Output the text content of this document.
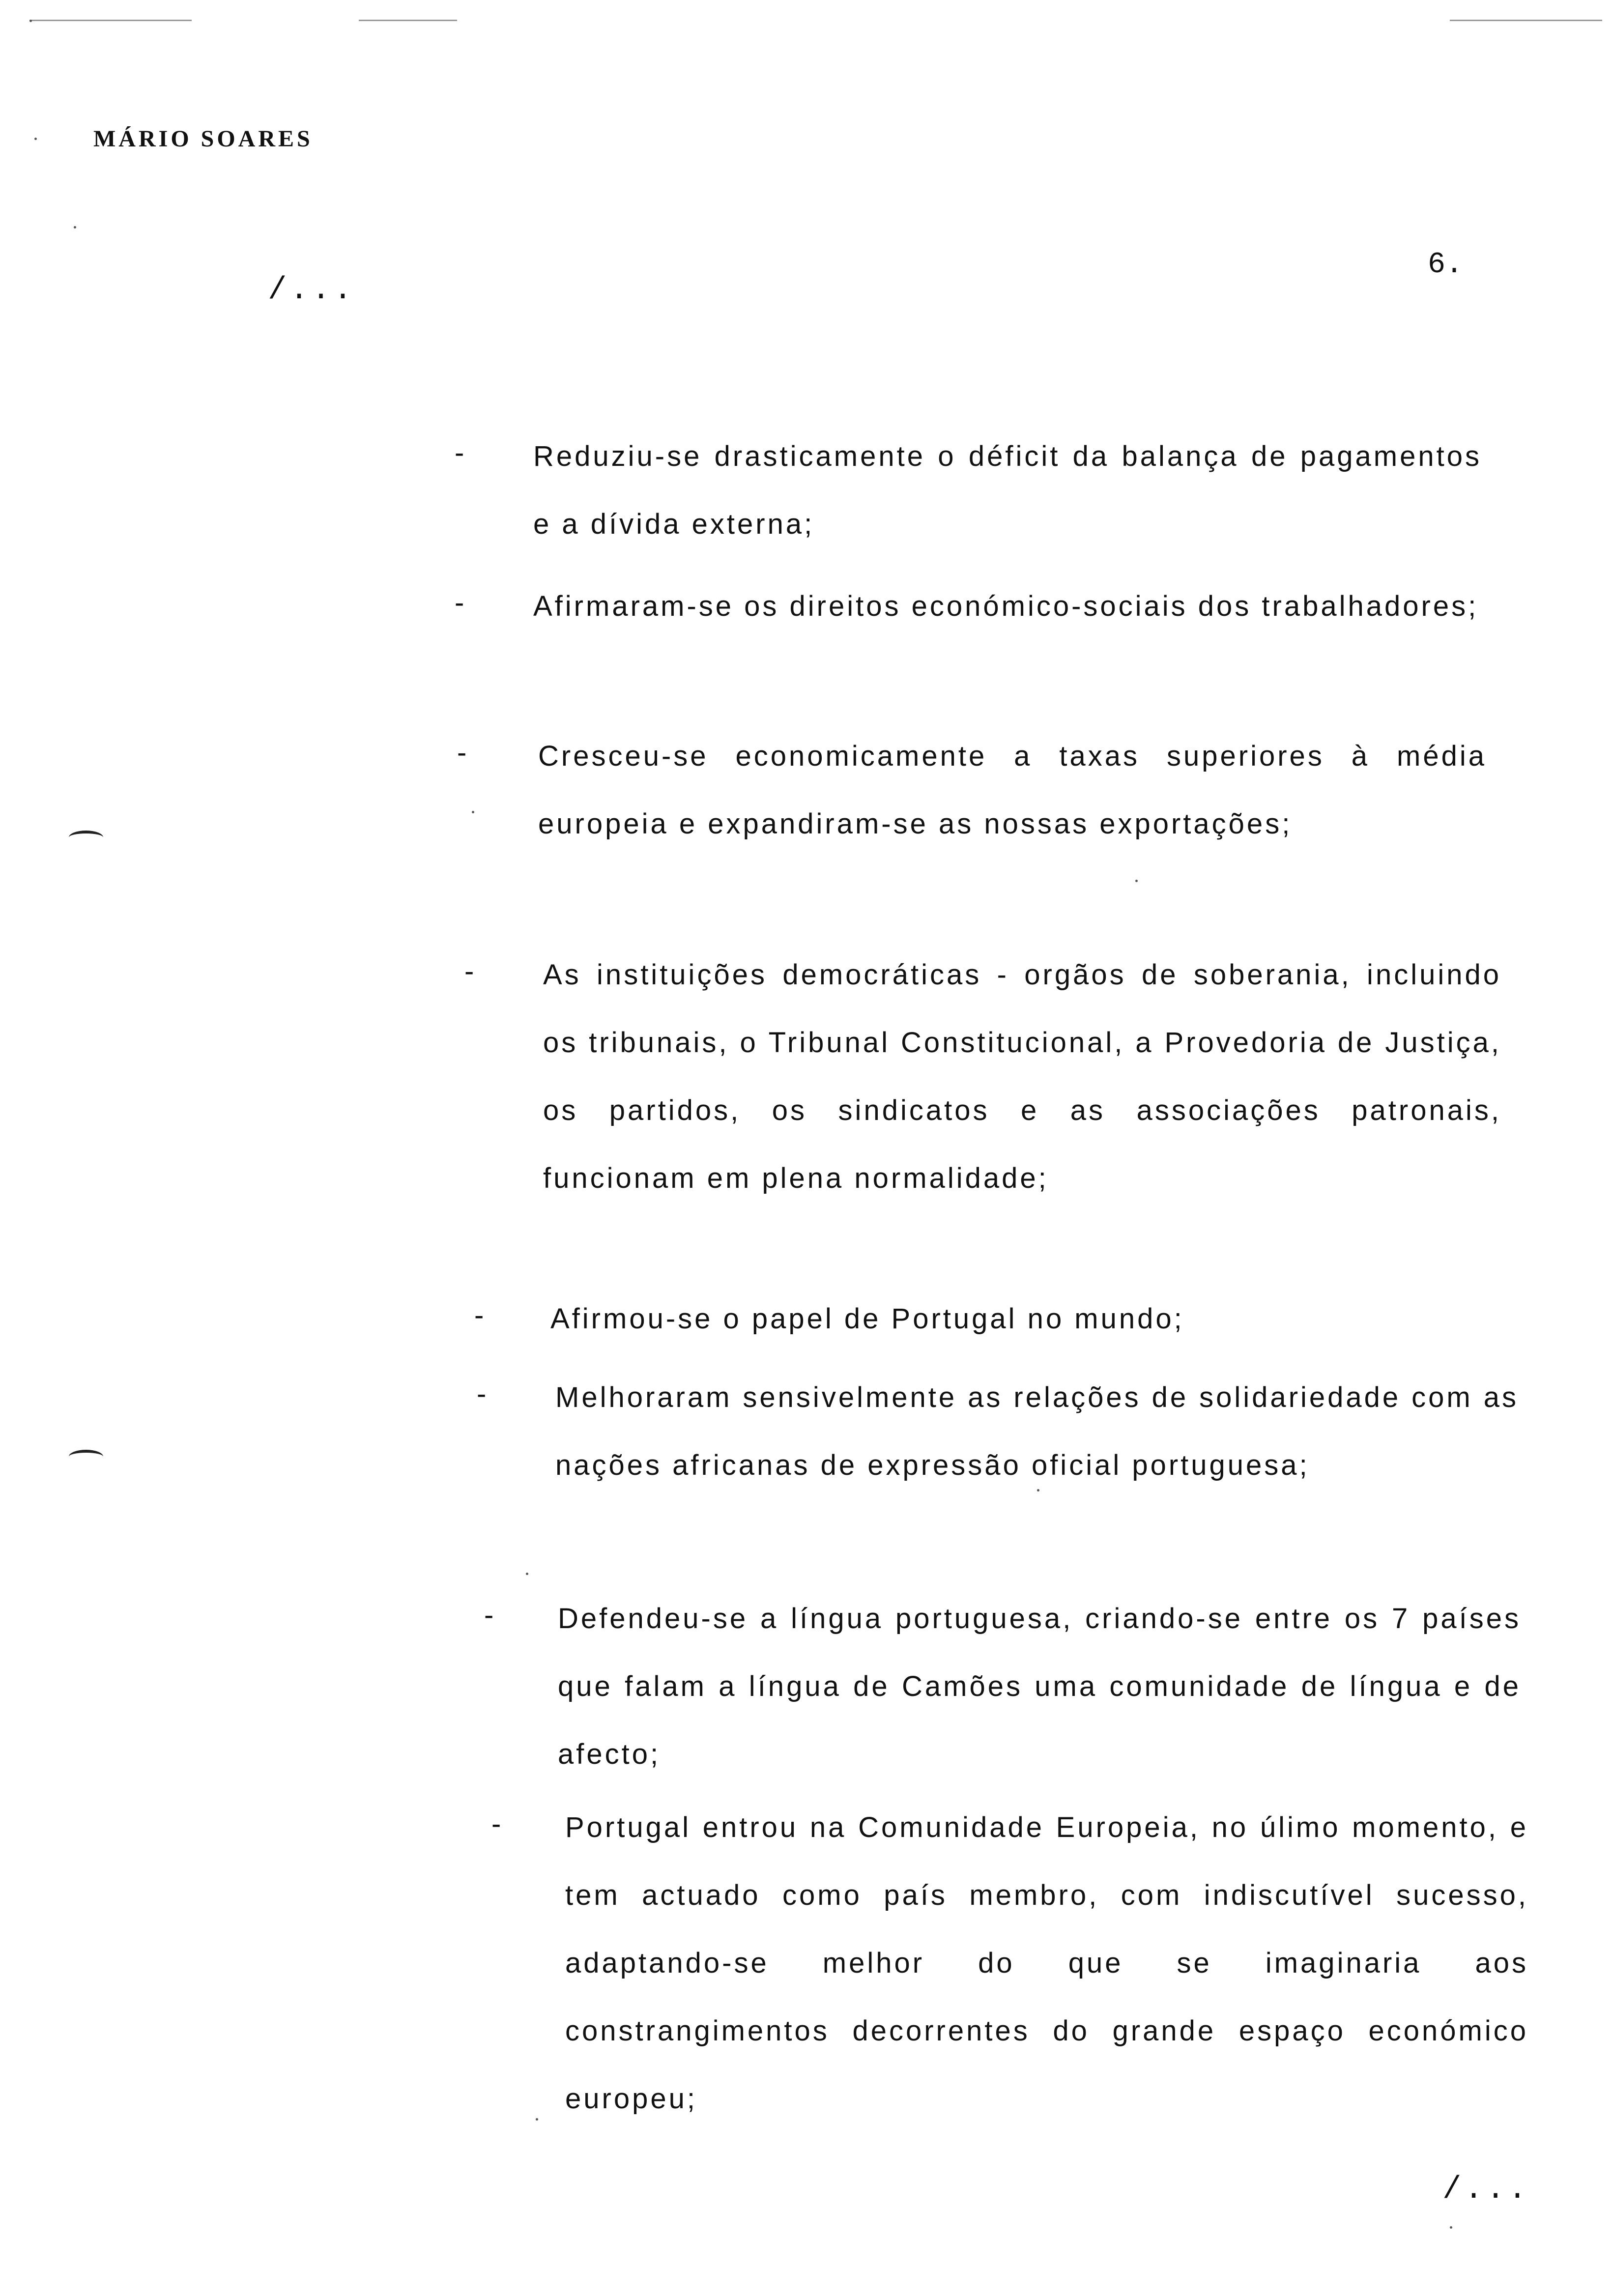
MÁRIO SOARES
/...
6.
- Reduziu-se drasticamente o déficit da balança de pagamentos e a dívida externa;
- Afirmaram-se os direitos económico-sociais dos trabalhadores;
-	Cresceu-se economicamente a taxas superiores à média europeia e expandiram-se as nossas exportações;
- As instituições democráticas - orgãos de soberania, incluindo os tribunais, o Tribunal Constitucional, a Provedoria de Justiça, os partidos, os sindicatos e as associações patronais, funcionam em plena normalidade;
- Afirmou-se o papel de Portugal no mundo;
- Melhoraram sensivelmente as relações de solidariedade com as nações africanas de expressão oficial portuguesa;
- Defendeu-se a língua portuguesa, criando-se entre os 7 países que falam a língua de Camões uma comunidade de língua e de afecto;
- Portugal entrou na Comunidade Europeia, no úlimo momento, e tem actuado como país membro, com indiscutível sucesso, adaptando-se melhor do que se imaginaria aos constrangimentos decorrentes do grande espaço económico europeu;
/...
